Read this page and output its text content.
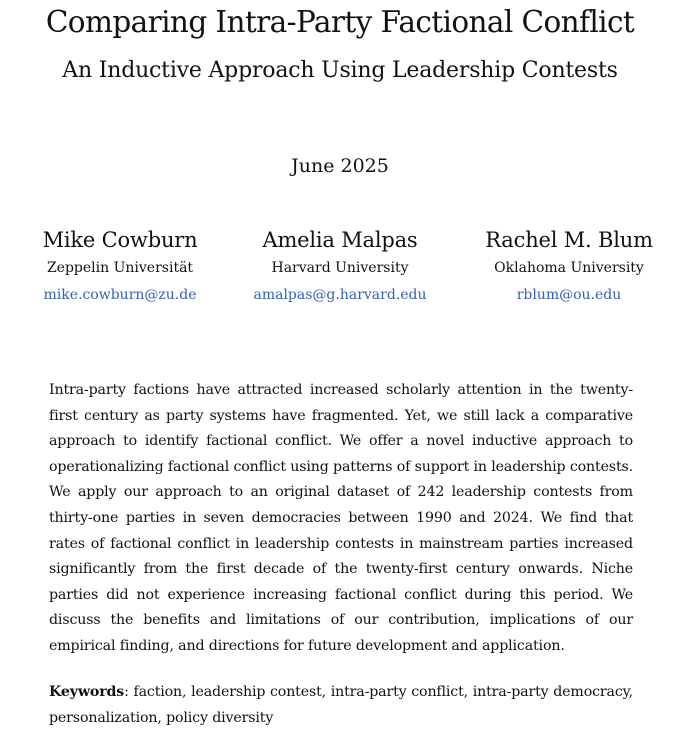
Comparing Intra-Party Factional Conflict
An Inductive Approach Using Leadership Contests
June 2025
Mike Cowburn
Zeppelin Universität
mike.cowburn@zu.de
Amelia Malpas
Harvard University
amalpas@g.harvard.edu
Rachel M. Blum
Oklahoma University
rblum@ou.edu
Intra-party factions have attracted increased scholarly attention in the twenty-first century as party systems have fragmented. Yet, we still lack a comparative approach to identify factional conflict. We offer a novel inductive approach to operationalizing factional conflict using patterns of support in leadership contests. We apply our approach to an original dataset of 242 leadership contests from thirty-one parties in seven democracies between 1990 and 2024. We find that rates of factional conflict in leadership contests in mainstream parties increased significantly from the first decade of the twenty-first century onwards. Niche parties did not experience increasing factional conflict during this period. We discuss the benefits and limitations of our contribution, implications of our empirical finding, and directions for future development and application.
Keywords: faction, leadership contest, intra-party conflict, intra-party democracy, personalization, policy diversity
